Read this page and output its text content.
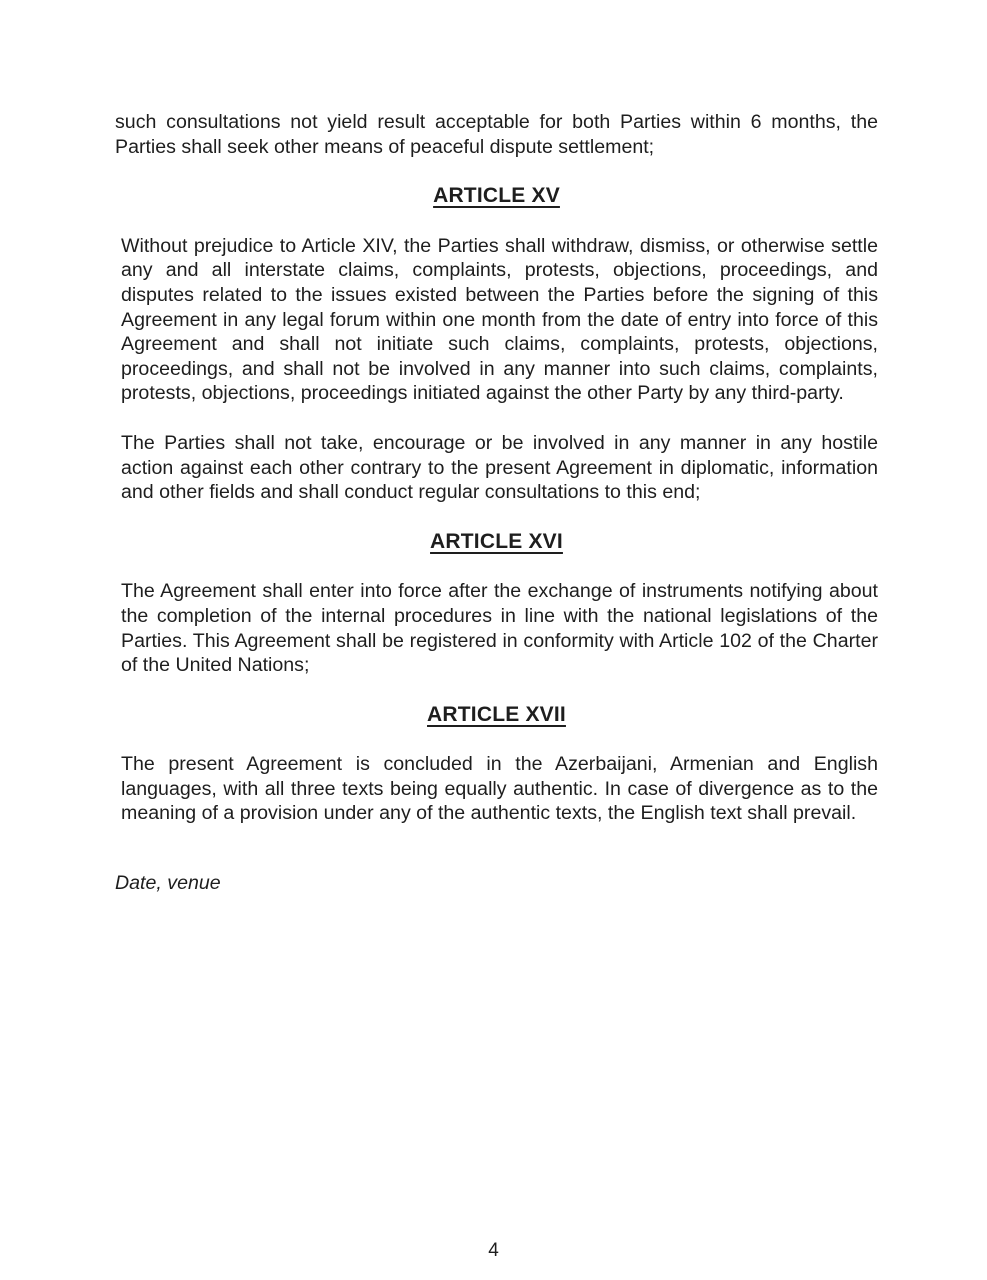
such consultations not yield result acceptable for both Parties within 6 months, the Parties shall seek other means of peaceful dispute settlement;

ARTICLE XV

Without prejudice to Article XIV, the Parties shall withdraw, dismiss, or otherwise settle any and all interstate claims, complaints, protests, objections, proceedings, and disputes related to the issues existed between the Parties before the signing of this Agreement in any legal forum within one month from the date of entry into force of this Agreement and shall not initiate such claims, complaints, protests, objections, proceedings, and shall not be involved in any manner into such claims, complaints, protests, objections, proceedings initiated against the other Party by any third-party.

The Parties shall not take, encourage or be involved in any manner in any hostile action against each other contrary to the present Agreement in diplomatic, information and other fields and shall conduct regular consultations to this end;

ARTICLE XVI

The Agreement shall enter into force after the exchange of instruments notifying about the completion of the internal procedures in line with the national legislations of the Parties. This Agreement shall be registered in conformity with Article 102 of the Charter of the United Nations;

ARTICLE XVII

The present Agreement is concluded in the Azerbaijani, Armenian and English languages, with all three texts being equally authentic. In case of divergence as to the meaning of a provision under any of the authentic texts, the English text shall prevail.

Date, venue

4
